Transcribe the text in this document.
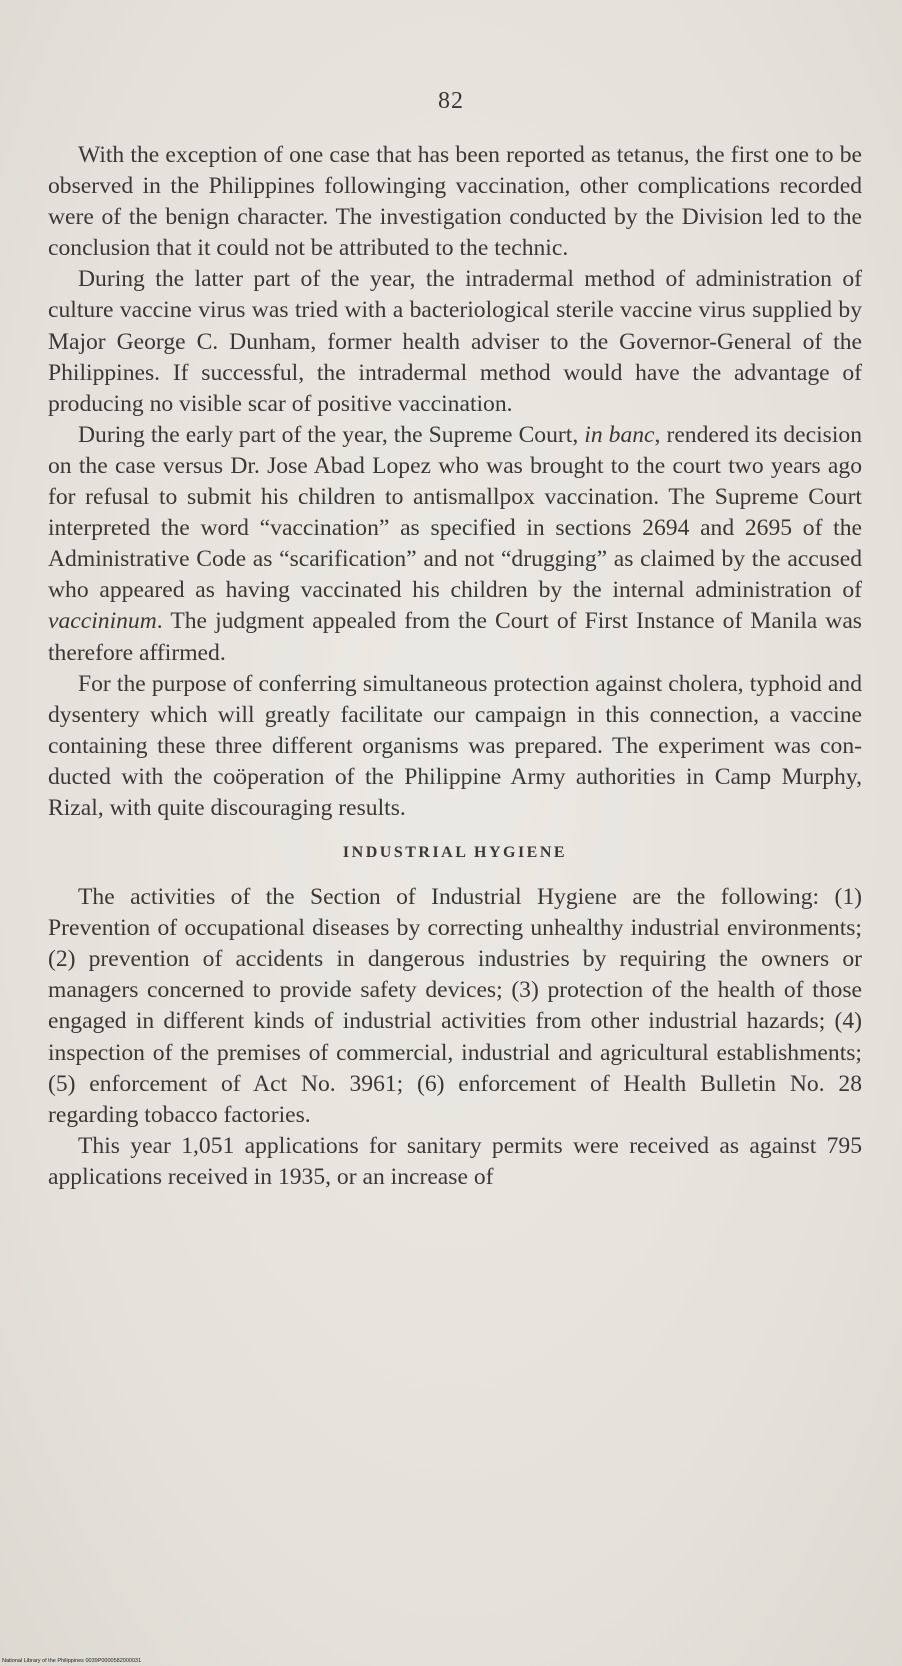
82

With the exception of one case that has been reported as tetanus, the first one to be observed in the Philippines followinging vaccination, other complications recorded were of the benign character. The investigation conducted by the Division led to the conclusion that it could not be attributed to the technic.

During the latter part of the year, the intradermal method of administration of culture vaccine virus was tried with a bacteriological sterile vaccine virus supplied by Major George C. Dunham, former health adviser to the Governor-General of the Philippines. If successful, the intradermal method would have the advantage of producing no visible scar of positive vaccination.

During the early part of the year, the Supreme Court, in banc, rendered its decision on the case versus Dr. Jose Abad Lopez who was brought to the court two years ago for refusal to submit his children to antismallpox vaccination. The Supreme Court interpreted the word “vaccination” as specified in sections 2694 and 2695 of the Administrative Code as “scarification” and not “drugging” as claimed by the accused who appeared as having vaccinated his children by the internal administration of vaccininum. The judgment appealed from the Court of First Instance of Manila was therefore affirmed.

For the purpose of conferring simultaneous protection against cholera, typhoid and dysentery which will greatly facilitate our campaign in this connection, a vaccine containing these three different organisms was prepared. The experiment was conducted with the coöperation of the Philippine Army authorities in Camp Murphy, Rizal, with quite discouraging results.

INDUSTRIAL HYGIENE

The activities of the Section of Industrial Hygiene are the following: (1) Prevention of occupational diseases by correcting unhealthy industrial environments; (2) prevention of accidents in dangerous industries by requiring the owners or managers concerned to provide safety devices; (3) protection of the health of those engaged in different kinds of industrial activities from other industrial hazards; (4) inspection of the premises of commercial, industrial and agricultural establishments; (5) enforcement of Act No. 3961; (6) enforcement of Health Bulletin No. 28 regarding tobacco factories.

This year 1,051 applications for sanitary permits were received as against 795 applications received in 1935, or an increase of

National Library of the Philippines 0039P0000582000031
